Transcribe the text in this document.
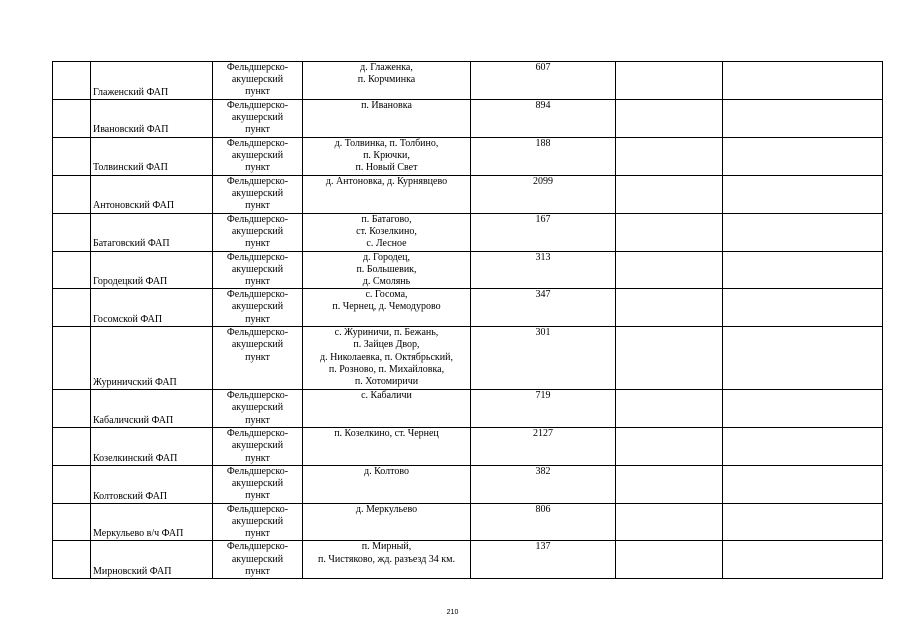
	Глаженский ФАП	Фельдшерско-
акушерский
пункт	д. Глаженка,
п. Корчминка	607		
	Ивановский ФАП	Фельдшерско-
акушерский
пункт	п. Ивановка	894		
	Толвинский ФАП	Фельдшерско-
акушерский
пункт	д. Толвинка, п. Толбино,
п. Крючки,
п. Новый Свет	188		
	Антоновский ФАП	Фельдшерско-
акушерский
пункт	д. Антоновка, д. Курнявцево	2099		
	Батаговский ФАП	Фельдшерско-
акушерский
пункт	п. Батагово,
ст. Козелкино,
с. Лесное	167		
	Городецкий ФАП	Фельдшерско-
акушерский
пункт	д. Городец,
п. Большевик,
д. Смолянь	313		
	Госомской ФАП	Фельдшерско-
акушерский
пункт	с. Госома,
п. Чернец, д. Чемодурово	347		
	Журиничский ФАП	Фельдшерско-
акушерский
пункт	с. Журиничи, п. Бежань,
п. Зайцев Двор,
д. Николаевка, п. Октябрьский,
п. Розново, п. Михайловка,
п. Хотомиричи	301		
	Кабаличский ФАП	Фельдшерско-
акушерский
пункт	с. Кабаличи	719		
	Козелкинский ФАП	Фельдшерско-
акушерский
пункт	п. Козелкино, ст. Чернец	2127		
	Колтовский ФАП	Фельдшерско-
акушерский
пункт	д. Колтово	382		
	Меркульево в/ч ФАП	Фельдшерско-
акушерский
пункт	д. Меркульево	806		
	Мирновский ФАП	Фельдшерско-
акушерский
пункт	п. Мирный,
п. Чистяково, жд. разъезд 34 км.	137		
210
